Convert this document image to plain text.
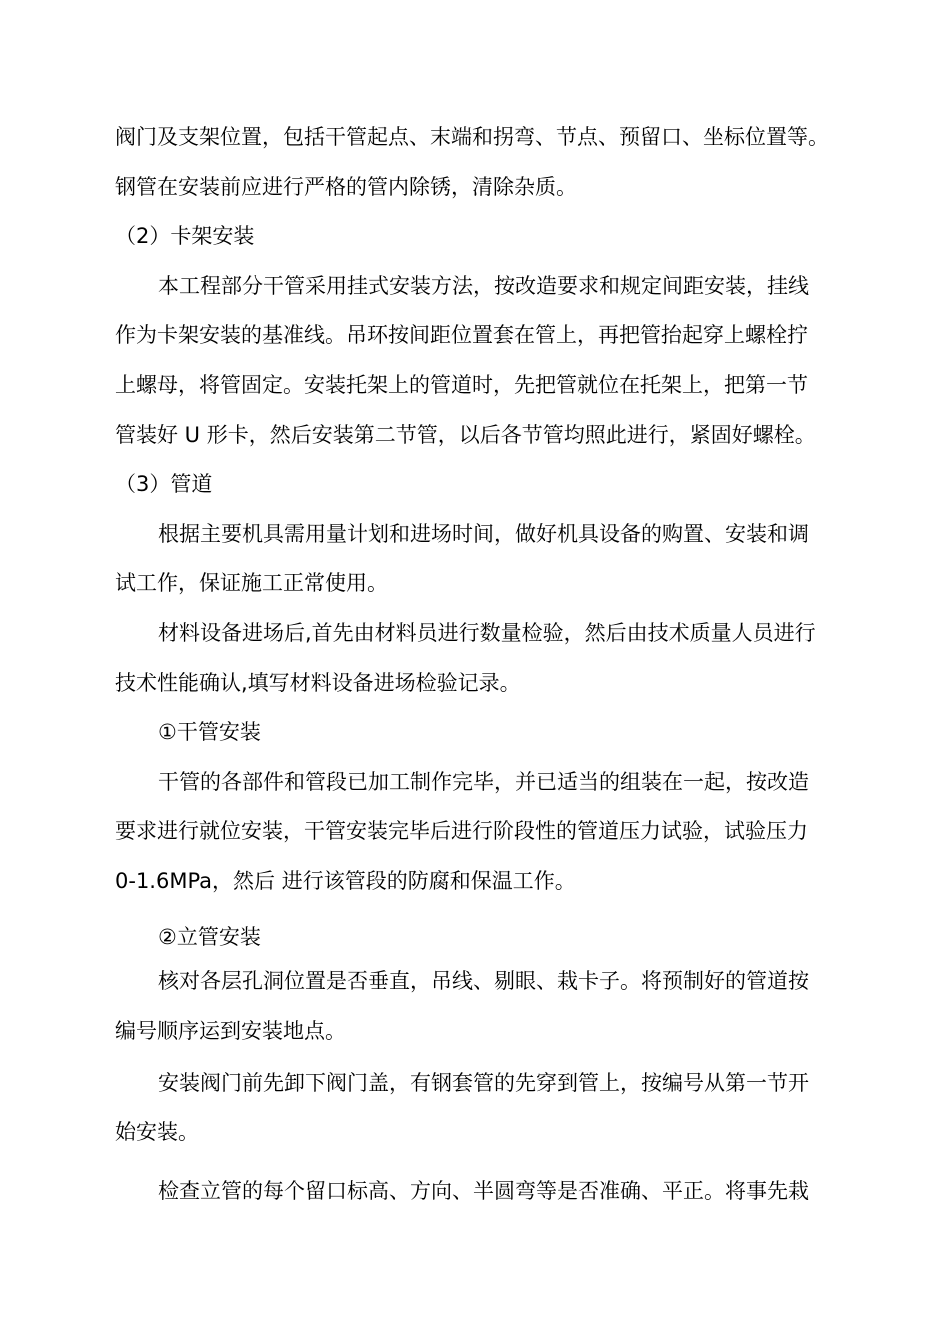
阀门及支架位置，包括干管起点、末端和拐弯、节点、预留口、坐标位置等。
钢管在安装前应进行严格的管内除锈，清除杂质。
（2）卡架安装
本工程部分干管采用挂式安装方法，按改造要求和规定间距安装，挂线
作为卡架安装的基准线。吊环按间距位置套在管上，再把管抬起穿上螺栓拧
上螺母，将管固定。安装托架上的管道时，先把管就位在托架上，把第一节
管装好 U 形卡，然后安装第二节管，以后各节管均照此进行，紧固好螺栓。
（3）管道
根据主要机具需用量计划和进场时间，做好机具设备的购置、安装和调
试工作，保证施工正常使用。
材料设备进场后,首先由材料员进行数量检验，然后由技术质量人员进行
技术性能确认,填写材料设备进场检验记录。
①干管安装
干管的各部件和管段已加工制作完毕，并已适当的组装在一起，按改造
要求进行就位安装，干管安装完毕后进行阶段性的管道压力试验，试验压力
0-1.6MPa，然后 进行该管段的防腐和保温工作。
②立管安装
核对各层孔洞位置是否垂直，吊线、剔眼、栽卡子。将预制好的管道按
编号顺序运到安装地点。
安装阀门前先卸下阀门盖，有钢套管的先穿到管上，按编号从第一节开
始安装。
检查立管的每个留口标高、方向、半圆弯等是否准确、平正。将事先栽
